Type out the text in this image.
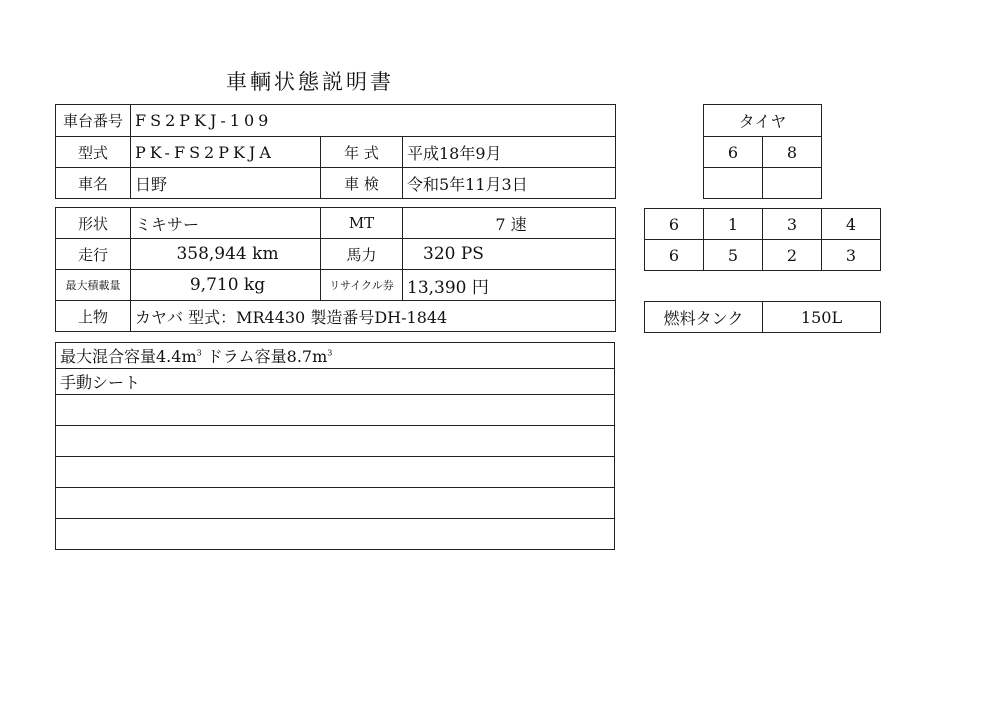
車輌状態説明書
車台番号	FS2PKJ-109		
型式	PK-FS2PKJA	年 式	平成18年9月
車名	日野	車 検	令和5年11月3日
形状	ミキサー	MT	7 速
走行	358,944 km	馬力	320 PS
最大積載量	9,710 kg	リサイクル券	13,390 円
上物	カヤバ 型式：MR4430 製造番号DH-1844		
最大混合容量$4.4m^3$ ドラム容量$8.7m^3$
手動シート

タイヤ	
6	8

6	1	3	4
6	5	2	3
燃料タンク	150L
